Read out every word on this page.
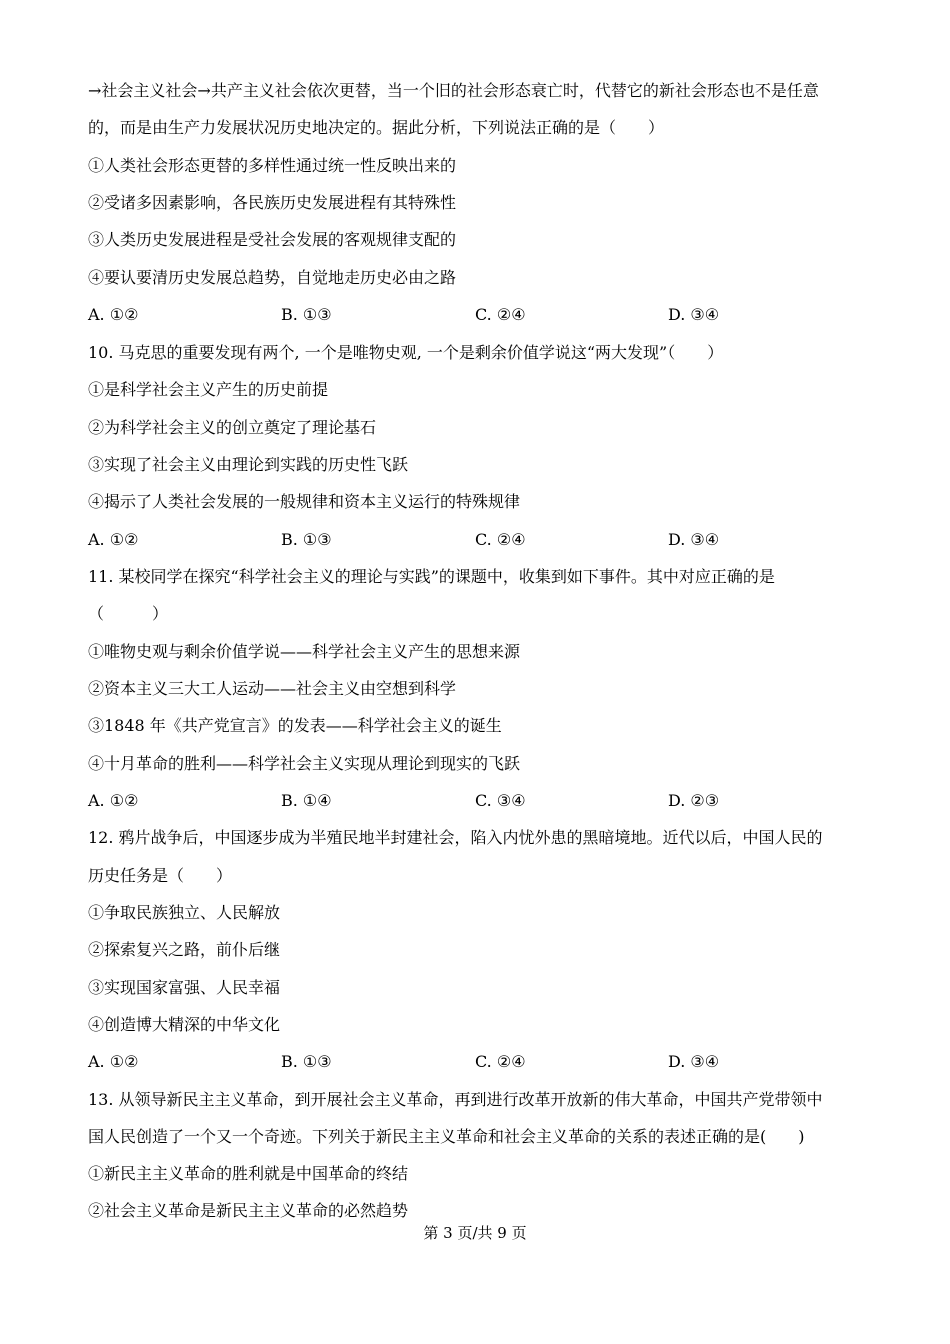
→社会主义社会→共产主义社会依次更替，当一个旧的社会形态衰亡时，代替它的新社会形态也不是任意
的，而是由生产力发展状况历史地决定的。据此分析，下列说法正确的是（　　）
①人类社会形态更替的多样性通过统一性反映出来的
②受诸多因素影响，各民族历史发展进程有其特殊性
③人类历史发展进程是受社会发展的客观规律支配的
④要认要清历史发展总趋势，自觉地走历史必由之路
A. ①②	B. ①③	C. ②④	D. ③④
10. 马克思的重要发现有两个, 一个是唯物史观, 一个是剩余价值学说这“两大发现”（　　）
①是科学社会主义产生的历史前提
②为科学社会主义的创立奠定了理论基石
③实现了社会主义由理论到实践的历史性飞跃
④揭示了人类社会发展的一般规律和资本主义运行的特殊规律
A. ①②	B. ①③	C. ②④	D. ③④
11. 某校同学在探究“科学社会主义的理论与实践”的课题中，收集到如下事件。其中对应正确的是
（　　　）
①唯物史观与剩余价值学说——科学社会主义产生的思想来源
②资本主义三大工人运动——社会主义由空想到科学
③1848 年《共产党宣言》的发表——科学社会主义的诞生
④十月革命的胜利——科学社会主义实现从理论到现实的飞跃
A. ①②	B. ①④	C. ③④	D. ②③
12. 鸦片战争后，中国逐步成为半殖民地半封建社会，陷入内忧外患的黑暗境地。近代以后，中国人民的
历史任务是（　　）
①争取民族独立、人民解放
②探索复兴之路，前仆后继
③实现国家富强、人民幸福
④创造博大精深的中华文化
A. ①②	B. ①③	C. ②④	D. ③④
13. 从领导新民主主义革命，到开展社会主义革命，再到进行改革开放新的伟大革命，中国共产党带领中
国人民创造了一个又一个奇迹。下列关于新民主主义革命和社会主义革命的关系的表述正确的是(　　)
①新民主主义革命的胜利就是中国革命的终结
②社会主义革命是新民主主义革命的必然趋势
第 3 页/共 9 页
